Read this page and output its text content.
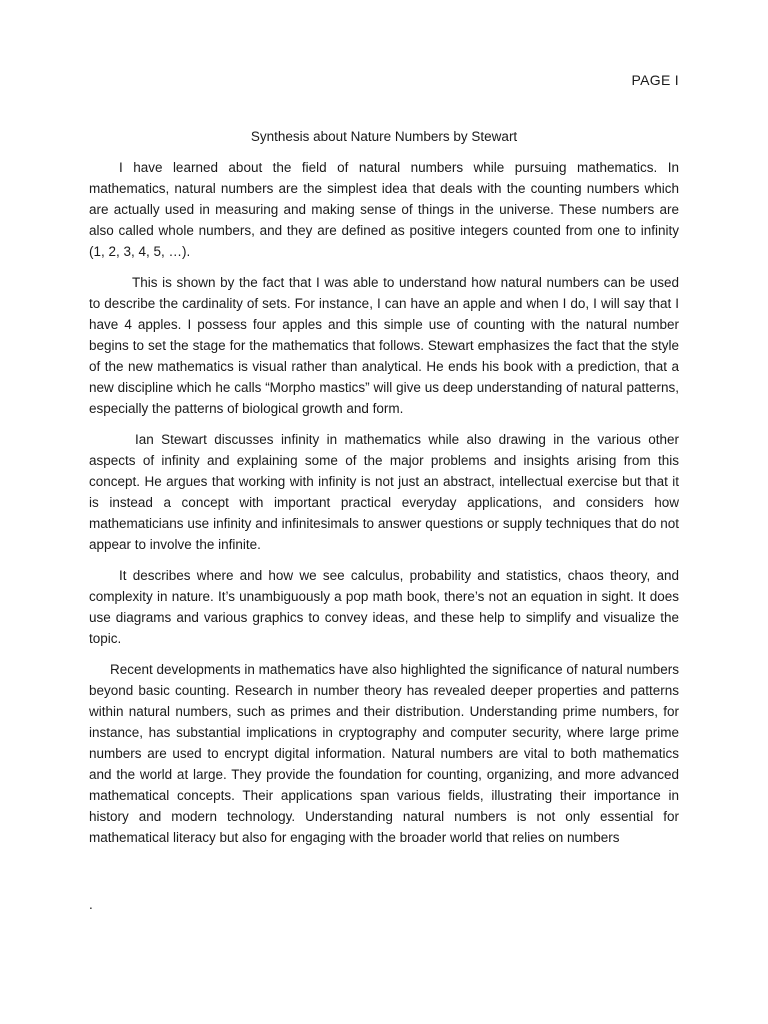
PAGE I
Synthesis about Nature Numbers by Stewart

I have learned about the field of natural numbers while pursuing mathematics. In mathematics, natural numbers are the simplest idea that deals with the counting numbers which are actually used in measuring and making sense of things in the universe. These numbers are also called whole numbers, and they are defined as positive integers counted from one to infinity (1, 2, 3, 4, 5, …).

This is shown by the fact that I was able to understand how natural numbers can be used to describe the cardinality of sets. For instance, I can have an apple and when I do, I will say that I have 4 apples. I possess four apples and this simple use of counting with the natural number begins to set the stage for the mathematics that follows. Stewart emphasizes the fact that the style of the new mathematics is visual rather than analytical. He ends his book with a prediction, that a new discipline which he calls “Morpho mastics” will give us deep understanding of natural patterns, especially the patterns of biological growth and form.

Ian Stewart discusses infinity in mathematics while also drawing in the various other aspects of infinity and explaining some of the major problems and insights arising from this concept. He argues that working with infinity is not just an abstract, intellectual exercise but that it is instead a concept with important practical everyday applications, and considers how mathematicians use infinity and infinitesimals to answer questions or supply techniques that do not appear to involve the infinite.

It describes where and how we see calculus, probability and statistics, chaos theory, and complexity in nature. It’s unambiguously a pop math book, there’s not an equation in sight. It does use diagrams and various graphics to convey ideas, and these help to simplify and visualize the topic.

Recent developments in mathematics have also highlighted the significance of natural numbers beyond basic counting. Research in number theory has revealed deeper properties and patterns within natural numbers, such as primes and their distribution. Understanding prime numbers, for instance, has substantial implications in cryptography and computer security, where large prime numbers are used to encrypt digital information. Natural numbers are vital to both mathematics and the world at large. They provide the foundation for counting, organizing, and more advanced mathematical concepts. Their applications span various fields, illustrating their importance in history and modern technology. Understanding natural numbers is not only essential for mathematical literacy but also for engaging with the broader world that relies on numbers

.
